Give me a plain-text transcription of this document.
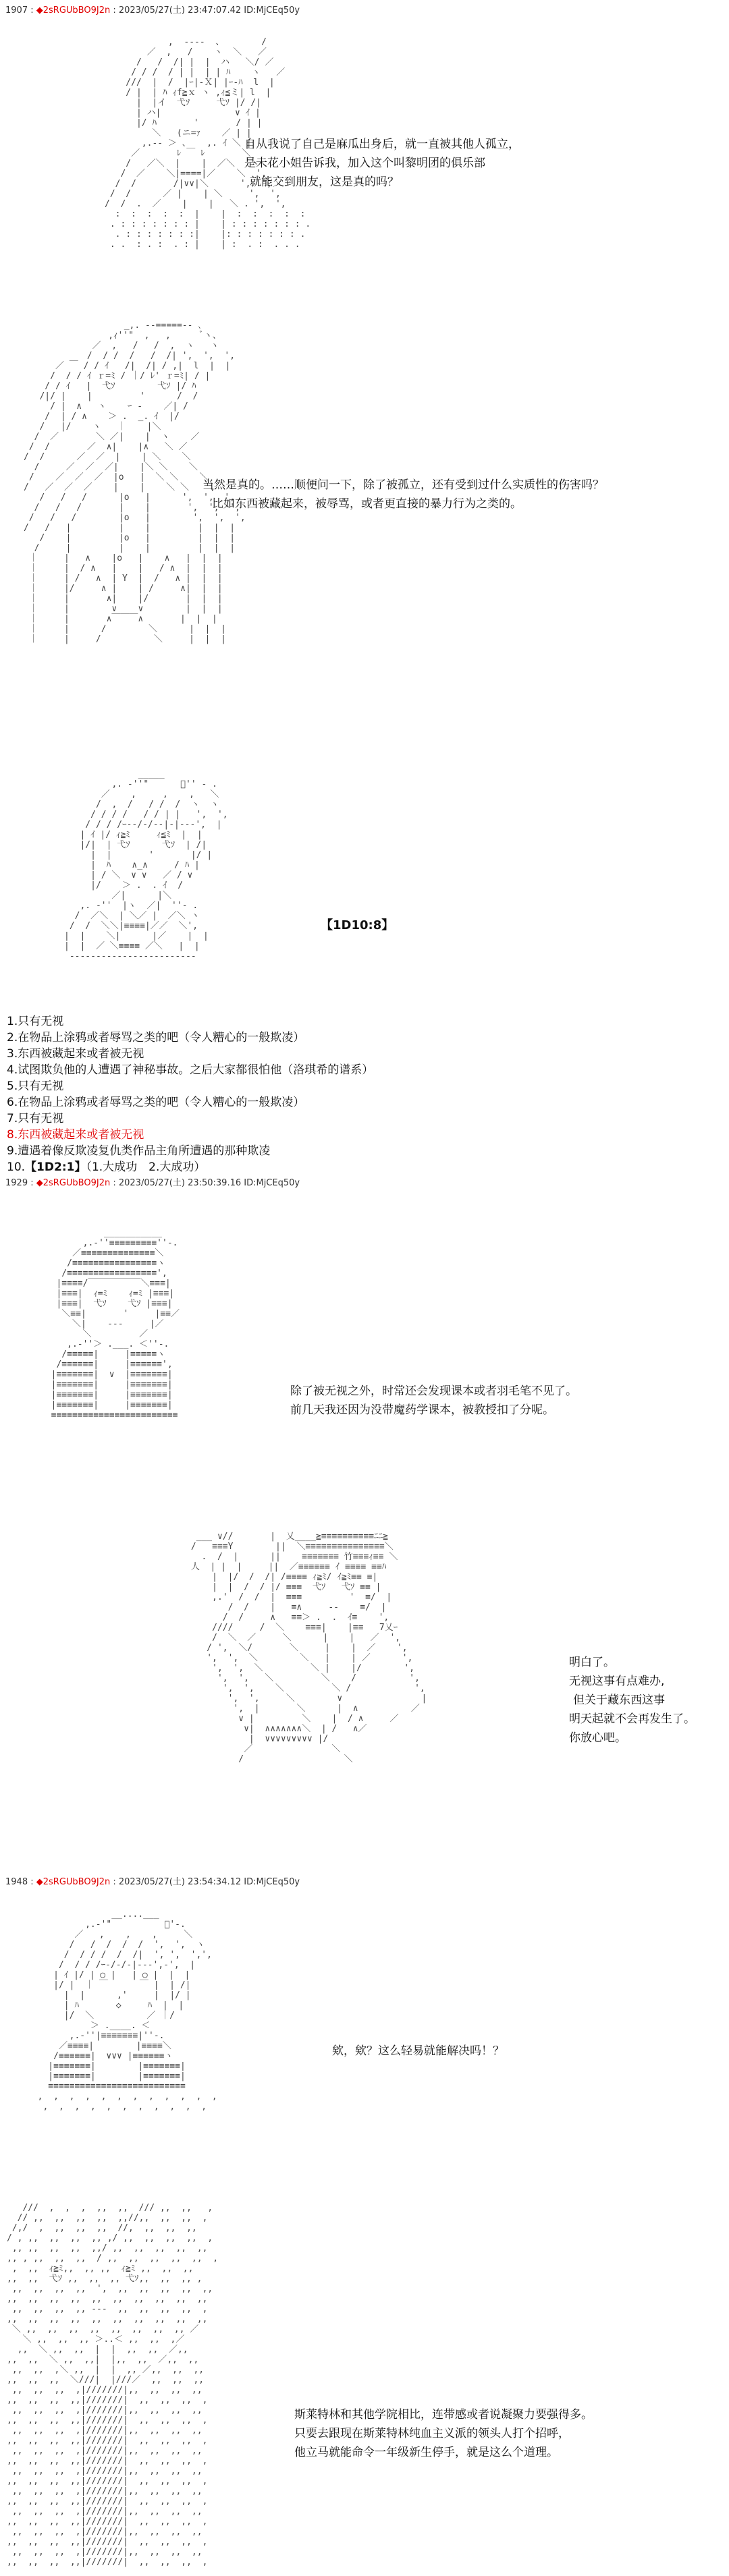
1907 : ◆2sRGUbBO9J2n : 2023/05/27(土) 23:47:07.42 ID:MjCEq50y
,  -‐‐-  、       /
／  ,   /    ヽ  ＼   ／
/   /  /| |  |  ハ   ＼/ ／
/ / /  / | |  | | ﾊ    ヽ   ／
///  |  /  |ｰ|-Ｘ| |ｰ-ﾊ  l  |
/ |  | ﾊ ｨf≧ｘ ヽ ,ｨ≦ミ| l  |
|  |イ  弋ｿ     弋ｿ |/ /|
| ハ|              ∨ ｲ |
|/ ﾊ       '       / | |
＼   (ニ=ｧ    ／ | |
,.-‐ ＞ 、   ,. ｲ ＼ |
／       ﾚ ￣ ﾚ       ＼
/   ／＼  |    |  ／＼   ヽ
/  ／    ＼|====|／    ＼  ',
/  /       /|∨∨|＼      ',  ',
/  /      ／ |    | ＼     ',  ',
/  /  .  ／    |    |   ＼ . ',  ',
:  :  :  :  :  |    |  :  :  :  :  :
. : : : : : : : |    | : : : : : : : .
. : : : : : : :|    |: : : : : : : .
. .  : . :  . : |    | :  . :  . . .

_,. -‐=====‐- ､
,ｨ''"  ,   ,      ﾞヽ、
／  ,   /   /  ,  ヽ   ヽ
/  / /  /   /  /| ',  ',  ',
／ ￣ / / ｲ   /|  /| / ,|  l  |  |
/  / / ｲ ｒ=ﾐ / ｜/ ﾚ' ｒ=ﾐ| / |
/ / ｲ   |  弋ｿ        弋ｿ |/ ﾊ
/|/ |    |         '      /  /
/ |  ∧   ヽ    ｰ ‐    ／| /
/  | / ∧    ＞ .  _. ｲ  |/
/   |/    ヽ   ｜    |＼
/  ／       ＼ ／|    |  ヽ    ／
/  /       ／  ∧|    |∧   ＼ ／
/  /      ／  ／  |    | ＼    ＼
/     ／  ／  ／|    |＼ ＼    ＼
/    ／  ／  ／  |o   |  ＼ ＼    ＼
/   ／  ／  ／    |    |    ＼ ＼   ',
/   /   /      |o   |      ',  ',  ',
/   /   /       |    |       ',  ',  ',
/   /   /        |o   |        ',  ',  ',
/   /   |         |    |         |  |  |
/    |         |o   |         |  |  |
/     |         |    |         |  |  |
｜     |   ∧    |o   |    ∧   |  |  |
｜     |  / ∧   |    |   / ∧  |  |  |
｜     | /   ∧  | Y  |  /   ∧ |  |  |
｜     |/     ∧ |    | /     ∧|  |  |
｜     |       ∧|    |/       |  |  |
｜     |        ∨    ∨        |  |  |
｜     |       ∧￣￣￣∧       |  |  |
｜     |      /        ＼      |  |  |
｜     |     /          ＼     |  |  |

_____
,. ‐''"      ﾞ'' ‐ .
／    ,     ,    ,   ＼
/  ,  /   / /  /  ヽ  ヽ
/ / / /   / / | |   ',  ',
/ / / /ｰ-‐/-/-‐|-|-‐-',  |
| ｲ |/ ｨ≧ﾐ     ｨ≦ﾐ  |  |
|/|  | 弋ｿ      弋ｿ  | /|
|  |       '       |/ |
|  ﾊ    ∧_∧     / ﾊ |
| / ＼  ∨ ∨   ／ / ∨
|/    ＞ .  . ｲ  /
／|      |＼
,. ‐''  |ヽ  ／|  ''‐ .
/  ／＼  | ＼／ |  ／＼ ヽ
/  /  ＼＼|≡≡≡≡|／／  ＼',
|  |    ＼|      |／    |  |
|  |  ／ ＼≡≡≡≡ ／＼   |  |
‐‐‐‐‐‐‐‐‐‐‐‐‐‐‐‐‐‐‐‐‐‐‐‐

自从我说了自己是麻瓜出身后，就一直被其他人孤立，
是未花小姐告诉我，加入这个叫黎明团的俱乐部
就能交到朋友，这是真的吗？
当然是真的。……顺便问一下，除了被孤立，还有受到过什么实质性的伤害吗？
比如东西被藏起来，被辱骂，或者更直接的暴力行为之类的。
【1D10:8】
1.只有无视
2.在物品上涂鸦或者辱骂之类的吧（令人糟心的一般欺凌）
3.东西被藏起来或者被无视
4.试图欺负他的人遭遇了神秘事故。之后大家都很怕他（洛琪希的谱系）
5.只有无视
6.在物品上涂鸦或者辱骂之类的吧（令人糟心的一般欺凌）
7.只有无视
8.东西被藏起来或者被无视
9.遭遇着像反欺凌复仇类作品主角所遭遇的那种欺凌
10.【1D2:1】（1.大成功　2.大成功）
1929 : ◆2sRGUbBO9J2n : 2023/05/27(土) 23:50:39.16 ID:MjCEq50y
___________
,.‐''≡≡≡≡≡≡≡≡≡''‐.
／≡≡≡≡≡≡≡≡≡≡≡≡≡≡＼
/≡≡≡≡≡≡≡≡≡≡≡≡≡≡≡≡ヽ
/≡≡≡≡≡≡≡≡≡≡≡≡≡≡≡≡≡',
|≡≡≡≡/￣￣￣￣￣￣＼≡≡≡|
|≡≡≡|  ｨ=ﾐ    ｨ=ﾐ |≡≡≡|
|≡≡≡|  弋ｿ    弋ｿ |≡≡≡|
＼≡≡|       '     |≡≡／
＼|    ‐‐‐     |／
＼         ／
,.‐''＞ .___. ＜''‐.
/≡≡≡≡≡|     |≡≡≡≡≡ヽ
/≡≡≡≡≡≡|     |≡≡≡≡≡≡',
|≡≡≡≡≡≡≡|  ∨  |≡≡≡≡≡≡≡|
|≡≡≡≡≡≡≡|     |≡≡≡≡≡≡≡|
|≡≡≡≡≡≡≡|     |≡≡≡≡≡≡≡|
|≡≡≡≡≡≡≡|     |≡≡≡≡≡≡≡|
≡≡≡≡≡≡≡≡≡≡≡≡≡≡≡≡≡≡≡≡≡≡≡≡

除了被无视之外，时常还会发现课本或者羽毛笔不见了。
前几天我还因为没带魔药学课本，被教授扣了分呢。
___ ∨//       |  乂____≧≡≡≡≡≡≡≡≡≡≡ﾆﾆ≧
/   ≡≡≡Y        ||  ＼≡≡≡≡≡≡≡≡≡≡≡≡≡≡≡＼
.  /  |      ||    ≡≡≡≡≡≡≡ 竹≡≡≡ｨ≡≡ ＼
人  | |  |     ||  ／≡≡≡≡≡≡ ｲ ≡≡≡≡ ≡≡ﾊ
|  |/  /  /| /≡≡≡≡ ｨ≧ﾐ/ ｲ≧ﾐ≡≡ ≡|
|  |  /  / |/ ≡≡≡  弋ｿ   弋ｿ ≡≡ |
,.'  /  /  |  ≡≡≡         '  ≡/  |
/  /    |   ≡∧     ‐‐    ≡/  |
/  /     ∧   ≡≡＞ .  .  ｲ≡    ',
////     /  ＼    ≡≡≡|    |≡≡   7乂ｰ
/  ＼  ／     ＼      |    |   ／  ',
/ ',  ＼/       ＼     |    |  ／    ',
',  ',  ＼        ＼   |    | ／      ',
',  ',  ＼         ＼ |    |/        ',
',  ',   ＼         ＼    /          ',
',  ',    ＼         ＼ /            ',
',  ',     ＼        ∨               |
',  |       ＼      |  ∧          ／
∨ |         ＼    |  / ∧     ／
∨|  ∧∧∧∧∧∧∧＼  | /   ∧／
|  ∨∨∨∨∨∨∨∨∨ |/
／               ＼
/                   ＼

明白了。
无视这事有点难办,
但关于藏东西这事
明天起就不会再发生了。
你放心吧。
1948 : ◆2sRGUbBO9J2n : 2023/05/27(土) 23:54:34.12 ID:MjCEq50y
__....___
,.-'"          ﾞ'‐.
／   ,    ,    ,     ＼
/   /  /  /  /  ',  ',  ヽ
/  / / /  /  /|  ', ',  ',',
/  / / /ｰ‐/-/‐|-‐-',-',  |
| ｲ |/ | ○ |   | ○ |  |  |
|/ |  ｜ ￣      ￣ |  | /|
|  |      ,'     |  |/ |
| ﾊ       ◇     ﾊ  |  |
|/  ＼          ／ ｜/
＞ .____. ＜
,.‐''|≡≡≡≡≡≡≡|''‐.
／≡≡≡≡|        |≡≡≡≡＼
/≡≡≡≡≡≡|  ∨∨∨ |≡≡≡≡≡≡ヽ
|≡≡≡≡≡≡≡|        |≡≡≡≡≡≡≡|
|≡≡≡≡≡≡≡|        |≡≡≡≡≡≡≡|
≡≡≡≡≡≡≡≡≡≡≡≡≡≡≡≡≡≡≡≡≡≡≡≡≡≡
,  ,  ,  ,  ,  ,  ,  ,  ,  ,  ,  ,
,  ,  ,  ,  ,  ,  ,  ,  ,  ,  ,

欸，欸？这么轻易就能解决吗！？
///  ,  ,  ,  ,,  ,,  /// ,,  ,,   ,
// ,,  ,,  ,,  ,,  ,,//,,  ,,  ,,  ,
/,/  ,  ,,  ,,  ,,  //,  ,,  ,,  ,,
/ , ,,  ,,  ,,  ,, ,/ ,,  ,,  ,,  ,,  ,
,, ,,  ,,  ,,  ,,/ ,,  ,,  ,,  ,,  ,,
,, , ,,  ,,  ,,  / ,,  ,,  ,,  ,,  ,,  ,
,  ,,  ｨ≧ﾐ,,  ,, ,,  ｨ≧ﾐ ,,  ,,  ,,
,,  ,,  弋ｿ ,,  ,,  ,, 弋ｿ,,  ,,  ,, ,
,,  ,,  ,,  ,,  ',  ,,  ,,  ,,  ,,  ,,
,,  ,,  ,,  ,,  ,,  ,,  ,,  ,,  ,,  ,,
,,  ,,  ,,  ,, ‐‐‐  ,,  ,,  ,,  ,,  ,
,,  ,,  ,,  ,,  ,,  ,,  ,,  ,,  ,,  ,,
＼ ,,  ,,  ,,  ,,  ,,  ,,  ,,  ,, ／
＼ ,,  ,,  ,, ＞..＜ ,,  ,,  ,／
,,  ＼ ,,  ,,  |  |  ,,  ,,  ／,,
,,  ,,  ＼ ,,  ,,|  |,,  ,,  ／,,  ,,
,,  ,,  ,＼ ,,  |  |  ,, ／,,  ,,  ,,
,,  ,,  ,,  ＼///|  |///／  ,,  ,,  ,,
,,  ,,  ,,  ,|///////|,,  ,,  ,,  ,,
,,  ,,  ,,  ,,|///////|  ,,  ,,  ,,  ,
,,  ,,  ,,  ,|///////|,,  ,,  ,,  ,,
,,  ,,  ,,  ,,|///////|  ,,  ,,  ,,  ,
,,  ,,  ,,  ,|///////|,,  ,,  ,,  ,,
,,  ,,  ,,  ,,|///////|  ,,  ,,  ,,  ,
,,  ,,  ,,  ,|///////|,,  ,,  ,,  ,,
,,  ,,  ,,  ,,|///////|  ,,  ,,  ,,  ,
,,  ,,  ,,  ,|///////|,,  ,,  ,,  ,,
,,  ,,  ,,  ,,|///////|  ,,  ,,  ,,  ,
,,  ,,  ,,  ,|///////|,,  ,,  ,,  ,,
,,  ,,  ,,  ,,|///////|  ,,  ,,  ,,  ,
,,  ,,  ,,  ,|///////|,,  ,,  ,,  ,,
,,  ,,  ,,  ,,|///////|  ,,  ,,  ,,  ,
,,  ,,  ,,  ,|///////|,,  ,,  ,,  ,,
,,  ,,  ,,  ,,|///////|  ,,  ,,  ,,  ,
,,  ,,  ,,  ,|///////|,,  ,,  ,,  ,,
,,  ,,  ,,  ,,|///////|  ,,  ,,  ,,  ,

斯莱特林和其他学院相比，连带感或者说凝聚力要强得多。
只要去跟现在斯莱特林纯血主义派的领头人打个招呼，
他立马就能命令一年级新生停手，就是这么个道理。
